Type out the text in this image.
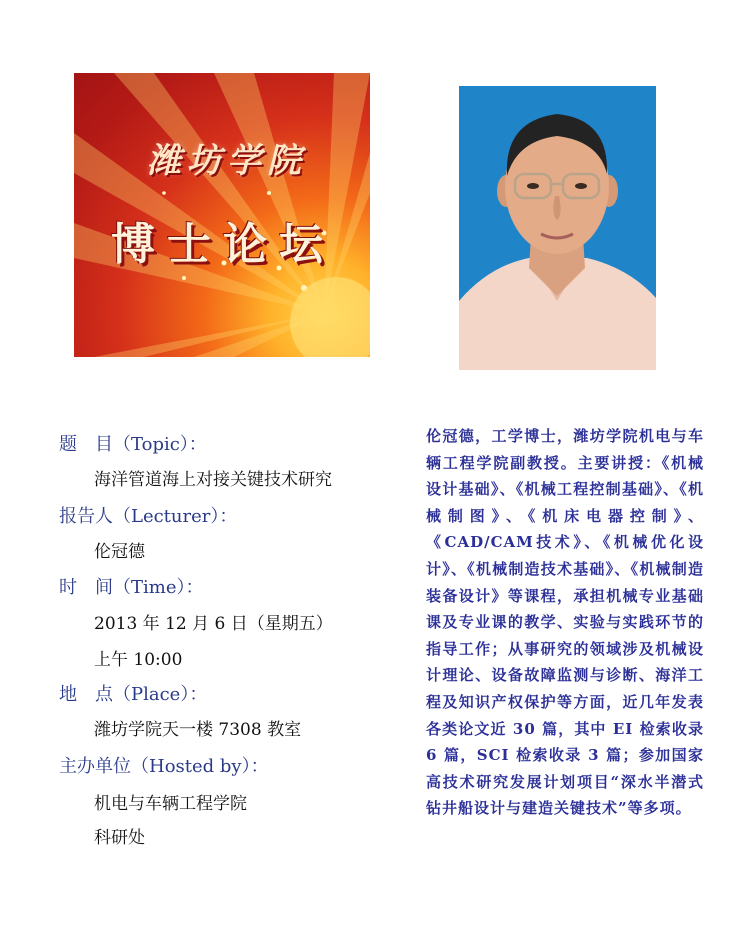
潍坊学院
博士论坛
题　目（Topic）：
海洋管道海上对接关键技术研究
报告人（Lecturer）：
伦冠德
时　间（Time）：
2013 年 12 月 6 日（星期五）
上午 10:00
地　点（Place）：
潍坊学院天一楼 7308 教室
主办单位（Hosted by）：
机电与车辆工程学院
科研处
伦冠德，工学博士，潍坊学院机电与车辆工程学院副教授。主要讲授：《机械设计基础》、《机械工程控制基础》、《机械制图》、《机床电器控制》、《CAD/CAM技术》、《机械优化设计》、《机械制造技术基础》、《机械制造装备设计》等课程，承担机械专业基础课及专业课的教学、实验与实践环节的指导工作；从事研究的领域涉及机械设计理论、设备故障监测与诊断、海洋工程及知识产权保护等方面，近几年发表各类论文近 30 篇，其中 EI 检索收录 6 篇，SCI 检索收录 3 篇；参加国家高技术研究发展计划项目“深水半潜式钻井船设计与建造关键技术”等多项。
